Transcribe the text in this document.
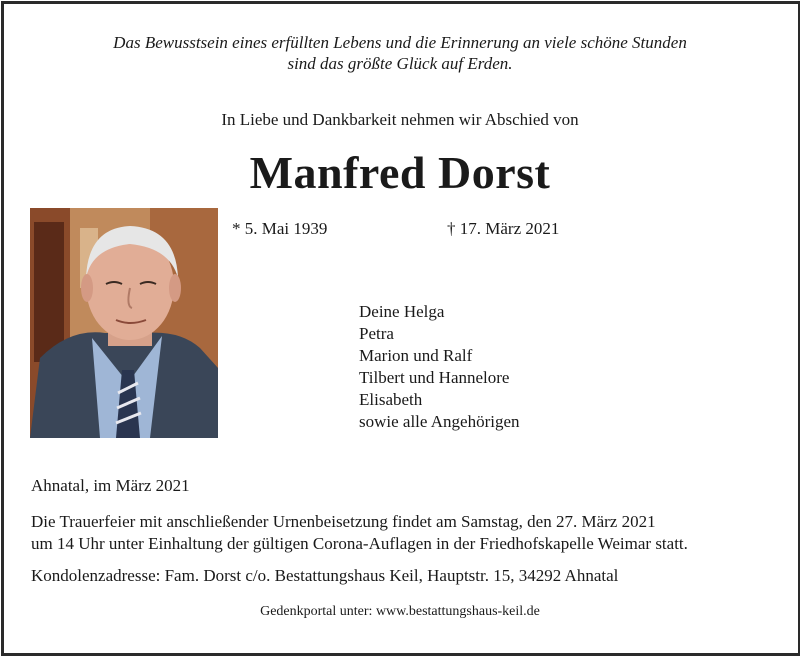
Das Bewusstsein eines erfüllten Lebens und die Erinnerung an viele schöne Stunden
sind das größte Glück auf Erden.
In Liebe und Dankbarkeit nehmen wir Abschied von
Manfred Dorst
* 5. Mai 1939	† 17. März 2021
Deine Helga
Petra
Marion und Ralf
Tilbert und Hannelore
Elisabeth
sowie alle Angehörigen
Ahnatal, im März 2021
Die Trauerfeier mit anschließender Urnenbeisetzung findet am Samstag, den 27. März 2021
um 14 Uhr unter Einhaltung der gültigen Corona-Auflagen in der Friedhofskapelle Weimar statt.
Kondolenzadresse: Fam. Dorst c/o. Bestattungshaus Keil, Hauptstr. 15, 34292 Ahnatal
Gedenkportal unter: www.bestattungshaus-keil.de
